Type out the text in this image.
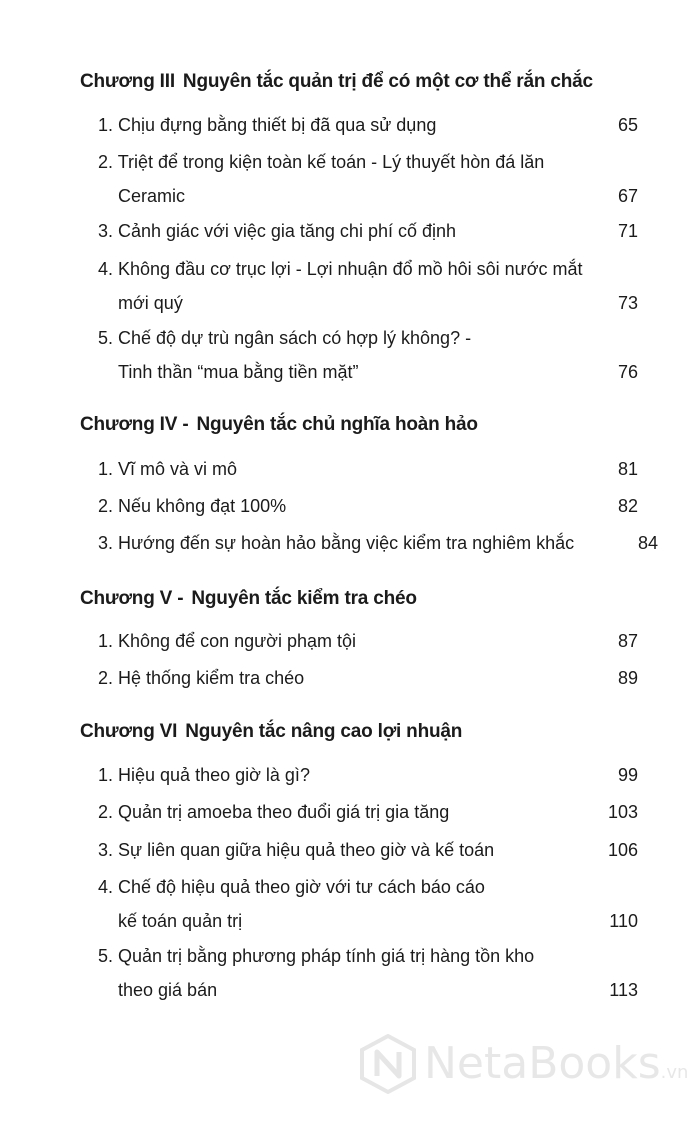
Chương III Nguyên tắc quản trị để có một cơ thể rắn chắc
1. Chịu đựng bằng thiết bị đã qua sử dụng	65
2. Triệt để trong kiện toàn kế toán - Lý thuyết hòn đá lăn
Ceramic	67
3. Cảnh giác với việc gia tăng chi phí cố định	71
4. Không đầu cơ trục lợi - Lợi nhuận đổ mồ hôi sôi nước mắt
mới quý	73
5. Chế độ dự trù ngân sách có hợp lý không? -
Tinh thần “mua bằng tiền mặt”	76
Chương IV - Nguyên tắc chủ nghĩa hoàn hảo
1. Vĩ mô và vi mô	81
2. Nếu không đạt 100%	82
3. Hướng đến sự hoàn hảo bằng việc kiểm tra nghiêm khắc	84
Chương V - Nguyên tắc kiểm tra chéo
1. Không để con người phạm tội	87
2. Hệ thống kiểm tra chéo	89
Chương VI Nguyên tắc nâng cao lợi nhuận
1. Hiệu quả theo giờ là gì?	99
2. Quản trị amoeba theo đuổi giá trị gia tăng	103
3. Sự liên quan giữa hiệu quả theo giờ và kế toán	106
4. Chế độ hiệu quả theo giờ với tư cách báo cáo
kế toán quản trị	110
5. Quản trị bằng phương pháp tính giá trị hàng tồn kho
theo giá bán	113
NetaBooks.vn
